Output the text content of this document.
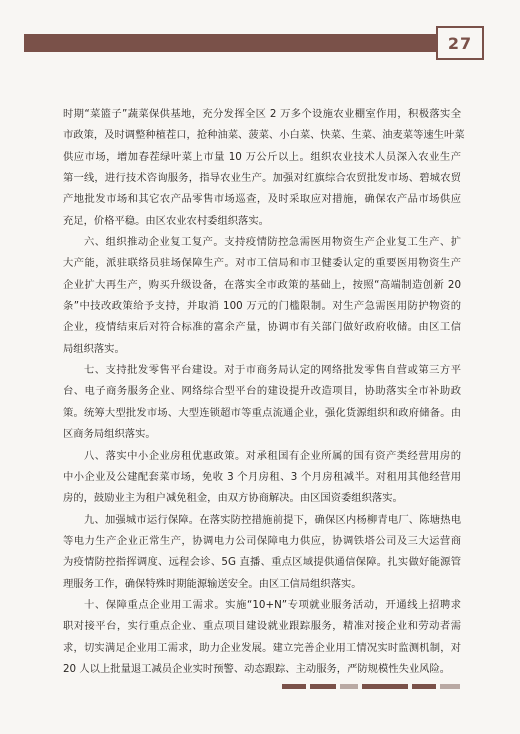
27
时期“菜篮子”蔬菜保供基地，充分发挥全区 2 万多个设施农业棚室作用，积极落实全
市政策，及时调整种植茬口，抢种油菜、菠菜、小白菜、快菜、生菜、油麦菜等速生叶菜
供应市场，增加春茬绿叶菜上市量 10 万公斤以上。组织农业技术人员深入农业生产
第一线，进行技术咨询服务，指导农业生产。加强对红旗综合农贸批发市场、碧城农贸
产地批发市场和其它农产品零售市场巡查，及时采取应对措施，确保农产品市场供应
充足，价格平稳。由区农业农村委组织落实。
六、组织推动企业复工复产。支持疫情防控急需医用物资生产企业复工生产、扩
大产能，派驻联络员驻场保障生产。对市工信局和市卫健委认定的重要医用物资生产
企业扩大再生产，购买升级设备，在落实全市政策的基础上，按照“高端制造创新 20
条”中技改政策给予支持，并取消 100 万元的门槛限制。对生产急需医用防护物资的
企业，疫情结束后对符合标准的富余产量，协调市有关部门做好政府收储。由区工信
局组织落实。
七、支持批发零售平台建设。对于市商务局认定的网络批发零售自营或第三方平
台、电子商务服务企业、网络综合型平台的建设提升改造项目，协助落实全市补助政
策。统筹大型批发市场、大型连锁超市等重点流通企业，强化货源组织和政府储备。由
区商务局组织落实。
八、落实中小企业房租优惠政策。对承租国有企业所属的国有资产类经营用房的
中小企业及公建配套菜市场，免收 3 个月房租、3 个月房租减半。对租用其他经营用
房的，鼓励业主为租户减免租金，由双方协商解决。由区国资委组织落实。
九、加强城市运行保障。在落实防控措施前提下，确保区内杨柳青电厂、陈塘热电
等电力生产企业正常生产，协调电力公司保障电力供应，协调铁塔公司及三大运营商
为疫情防控指挥调度、远程会诊、5G 直播、重点区域提供通信保障。扎实做好能源管
理服务工作，确保特殊时期能源输送安全。由区工信局组织落实。
十、保障重点企业用工需求。实施“10+N”专项就业服务活动，开通线上招聘求
职对接平台，实行重点企业、重点项目建设就业跟踪服务，精准对接企业和劳动者需
求，切实满足企业用工需求，助力企业发展。建立完善企业用工情况实时监测机制，对
20 人以上批量退工减员企业实时预警、动态跟踪、主动服务，严防规模性失业风险。
